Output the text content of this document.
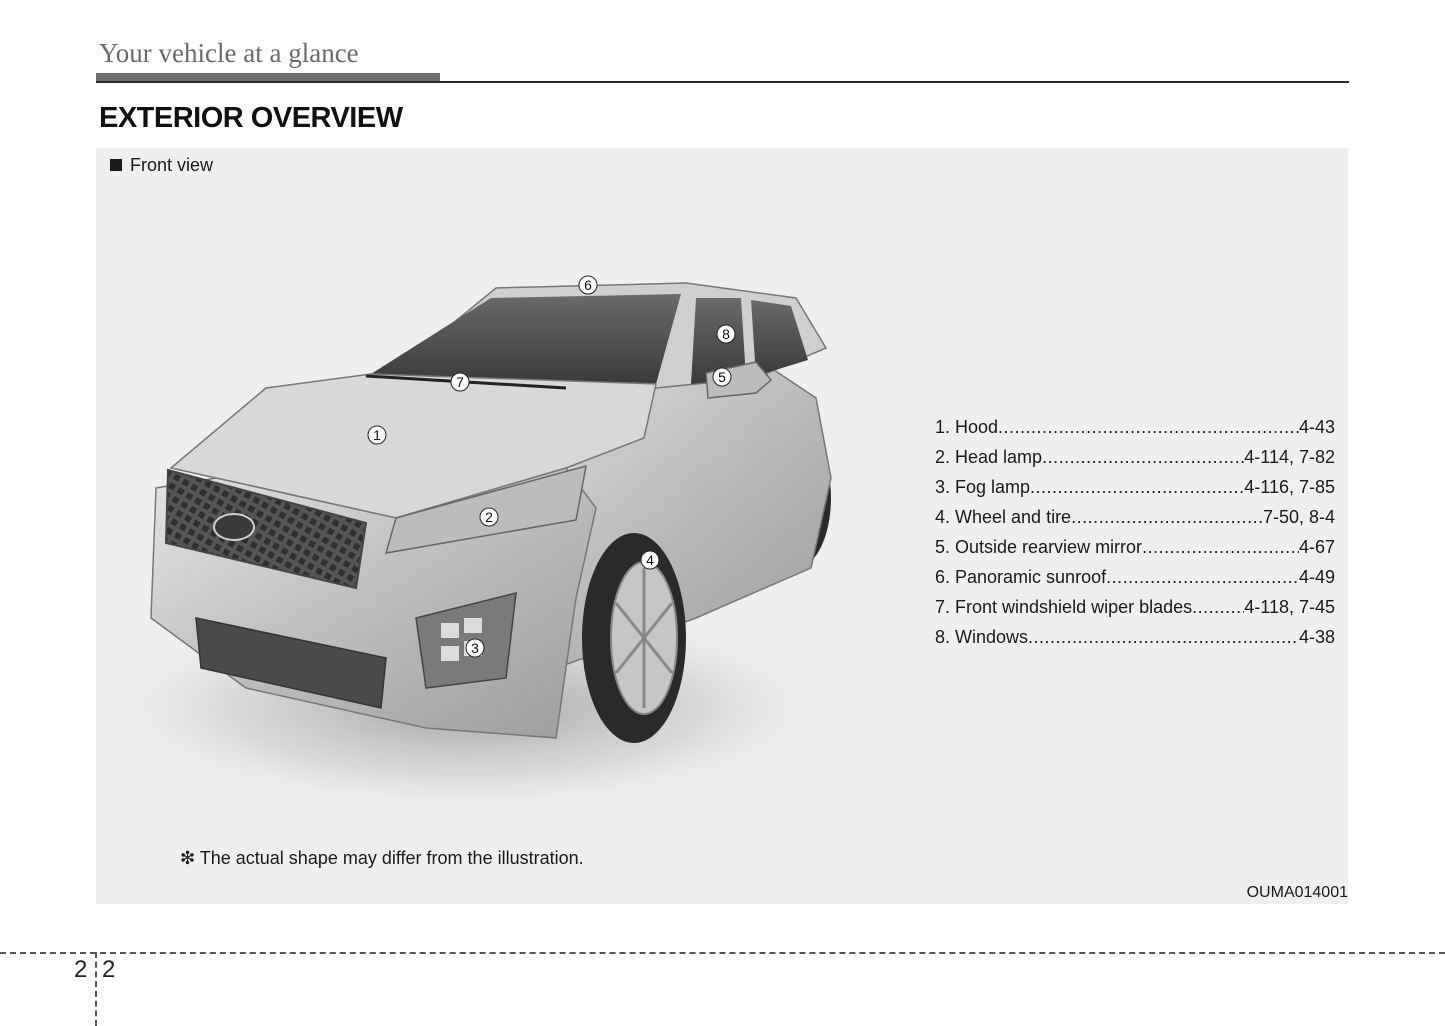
Your vehicle at a glance
EXTERIOR OVERVIEW
Front view
1
2
3
4
5
6
7
8
1. Hood .....	4-43
2. Head lamp .....	4-114, 7-82
3. Fog lamp .....	4-116, 7-85
4. Wheel and tire .....	7-50, 8-4
5. Outside rearview mirror .....	4-67
6. Panoramic sunroof .....	4-49
7. Front windshield wiper blades .....	4-118, 7-45
8. Windows .....	4-38
❇ The actual shape may differ from the illustration.
OUMA014001
2 2
